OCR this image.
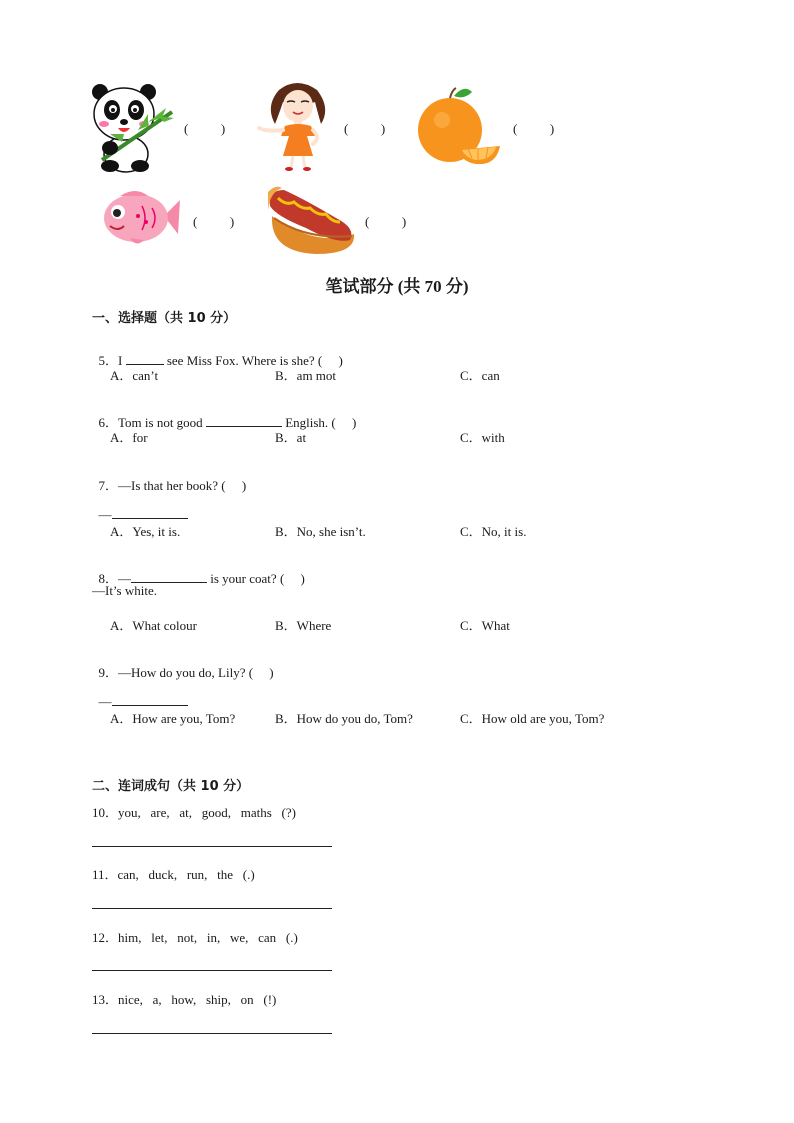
(          )	(          )	(          )
(          )	(          )
笔试部分 (共 70 分)
一、选择题（共 10 分）

5．I	see Miss Fox. Where is she? (     )

A．can’t	B．am mot	C．can

6．Tom is not good	English. (     )

A．for	B．at	C．with

7．—Is that her book? (     )

—

A．Yes, it is.	B．No, she isn’t.	C．No, it is.

8．—	is your coat? (     )

—It’s white.
A．What colour	B．Where	C．What

9．—How do you do, Lily? (     )

—

A．How are you, Tom?	B．How do you do, Tom?	C．How old are you, Tom?
二、连词成句（共 10 分）
10．you,   are,   at,   good,   maths   (?)
11．can,   duck,   run,   the   (.)
12．him,   let,   not,   in,   we,   can   (.)
13．nice,   a,   how,   ship,   on   (!)
